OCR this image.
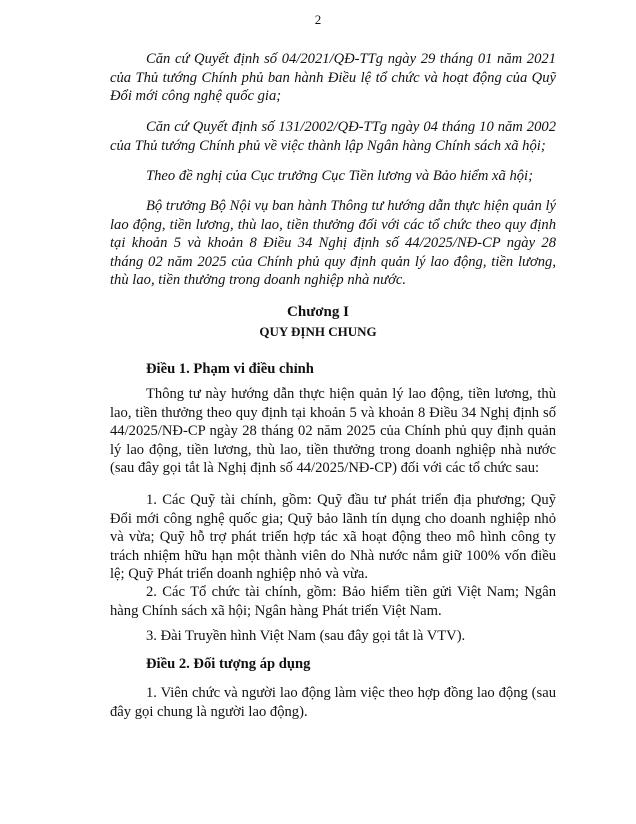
2
Căn cứ Quyết định số 04/2021/QĐ-TTg ngày 29 tháng 01 năm 2021 của Thủ tướng Chính phủ ban hành Điều lệ tổ chức và hoạt động của Quỹ Đổi mới công nghệ quốc gia;
Căn cứ Quyết định số 131/2002/QĐ-TTg ngày 04 tháng 10 năm 2002 của Thủ tướng Chính phủ về việc thành lập Ngân hàng Chính sách xã hội;
Theo đề nghị của Cục trưởng Cục Tiền lương và Bảo hiểm xã hội;
Bộ trưởng Bộ Nội vụ ban hành Thông tư hướng dẫn thực hiện quản lý lao động, tiền lương, thù lao, tiền thưởng đối với các tổ chức theo quy định tại khoản 5 và khoản 8 Điều 34 Nghị định số 44/2025/NĐ-CP ngày 28 tháng 02 năm 2025 của Chính phủ quy định quản lý lao động, tiền lương, thù lao, tiền thưởng trong doanh nghiệp nhà nước.
Chương I
QUY ĐỊNH CHUNG
Điều 1. Phạm vi điều chỉnh
Thông tư này hướng dẫn thực hiện quản lý lao động, tiền lương, thù lao, tiền thưởng theo quy định tại khoản 5 và khoản 8 Điều 34 Nghị định số 44/2025/NĐ-CP ngày 28 tháng 02 năm 2025 của Chính phủ quy định quản lý lao động, tiền lương, thù lao, tiền thưởng trong doanh nghiệp nhà nước (sau đây gọi tắt là Nghị định số 44/2025/NĐ-CP) đối với các tổ chức sau:
1. Các Quỹ tài chính, gồm: Quỹ đầu tư phát triển địa phương; Quỹ Đổi mới công nghệ quốc gia; Quỹ bảo lãnh tín dụng cho doanh nghiệp nhỏ và vừa; Quỹ hỗ trợ phát triển hợp tác xã hoạt động theo mô hình công ty trách nhiệm hữu hạn một thành viên do Nhà nước nắm giữ 100% vốn điều lệ; Quỹ Phát triển doanh nghiệp nhỏ và vừa.
2. Các Tổ chức tài chính, gồm: Bảo hiểm tiền gửi Việt Nam; Ngân hàng Chính sách xã hội; Ngân hàng Phát triển Việt Nam.
3. Đài Truyền hình Việt Nam (sau đây gọi tắt là VTV).
Điều 2. Đối tượng áp dụng
1. Viên chức và người lao động làm việc theo hợp đồng lao động (sau đây gọi chung là người lao động).
